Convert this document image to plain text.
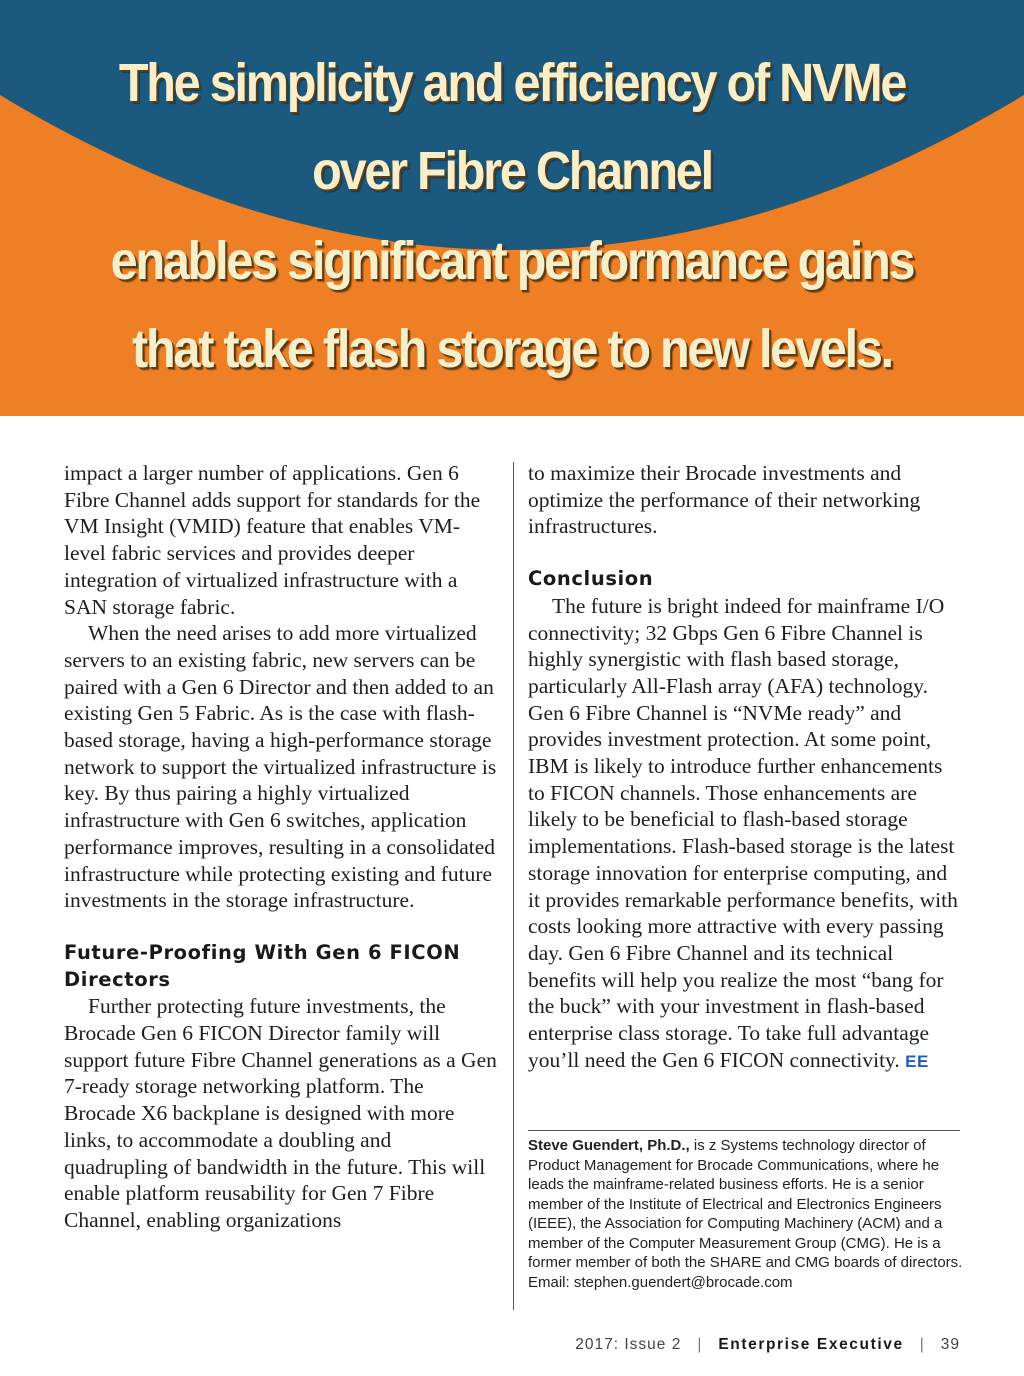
The simplicity and efficiency of NVMe
over Fibre Channel
enables significant performance gains
that take flash storage to new levels.

impact a larger number of applications. Gen 6 Fibre Channel adds support for standards for the VM Insight (VMID) feature that enables VM-level fabric services and provides deeper integration of virtualized infrastructure with a SAN storage fabric.

When the need arises to add more virtualized servers to an existing fabric, new servers can be paired with a Gen 6 Director and then added to an existing Gen 5 Fabric. As is the case with flash-based storage, having a high-performance storage network to support the virtualized infrastructure is key. By thus pairing a highly virtualized infrastructure with Gen 6 switches, application performance improves, resulting in a consolidated infrastructure while protecting existing and future investments in the storage infrastructure.

Future-Proofing With Gen 6 FICON Directors

Further protecting future investments, the Brocade Gen 6 FICON Director family will support future Fibre Channel generations as a Gen 7-ready storage networking platform. The Brocade X6 backplane is designed with more links, to accommodate a doubling and quadrupling of bandwidth in the future. This will enable platform reusability for Gen 7 Fibre Channel, enabling organizations

to maximize their Brocade investments and optimize the performance of their networking infrastructures.

Conclusion

The future is bright indeed for mainframe I/O connectivity; 32 Gbps Gen 6 Fibre Channel is highly synergistic with flash based storage, particularly All-Flash array (AFA) technology. Gen 6 Fibre Channel is “NVMe ready” and provides investment protection. At some point, IBM is likely to introduce further enhancements to FICON channels. Those enhancements are likely to be beneficial to flash-based storage implementations. Flash-based storage is the latest storage innovation for enterprise computing, and it provides remarkable performance benefits, with costs looking more attractive with every passing day. Gen 6 Fibre Channel and its technical benefits will help you realize the most “bang for the buck” with your investment in flash-based enterprise class storage. To take full advantage you’ll need the Gen 6 FICON connectivity. EE

Steve Guendert, Ph.D., is z Systems technology director of Product Management for Brocade Communications, where he leads the mainframe-related business efforts. He is a senior member of the Institute of Electrical and Electronics Engineers (IEEE), the Association for Computing Machinery (ACM) and a member of the Computer Measurement Group (CMG). He is a former member of both the SHARE and CMG boards of directors. Email: stephen.guendert@brocade.com
2017: Issue 2 | Enterprise Executive | 39
